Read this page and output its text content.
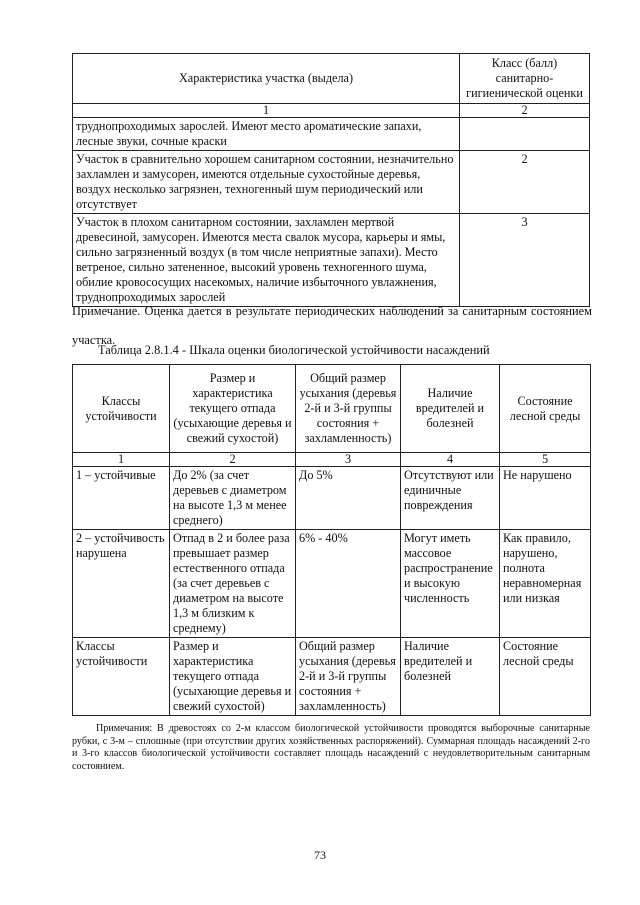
Характеристика участка (выдела)	Класс (балл) санитарно-гигиенической оценки
1	2
труднопроходимых зарослей. Имеют место ароматические запахи, лесные звуки, сочные краски	
Участок в сравнительно хорошем санитарном состоянии, незначительно захламлен и замусорен, имеются отдельные сухостойные деревья, воздух несколько загрязнен, техногенный шум периодический или отсутствует	2
Участок в плохом санитарном состоянии, захламлен мертвой древесиной, замусорен. Имеются места свалок мусора, карьеры и ямы, сильно загрязненный воздух (в том числе неприятные запахи). Место ветреное, сильно затененное, высокий уровень техногенного шума, обилие кровососущих насекомых, наличие избыточного увлажнения, труднопроходимых зарослей	3
Примечание. Оценка дается в результате периодических наблюдений за санитарным состоянием участка.
Таблица 2.8.1.4 - Шкала оценки биологической устойчивости насаждений
Классы устойчивости	Размер и характеристика текущего отпада (усыхающие деревья и свежий сухостой)	Общий размер усыхания (деревья 2-й и 3-й группы состояния + захламленность)	Наличие вредителей и болезней	Состояние лесной среды
1	2	3	4	5
1 – устойчивые	До 2% (за счет деревьев с диаметром на высоте 1,3 м менее среднего)	До 5%	Отсутствуют или единичные повреждения	Не нарушено
2 – устойчивость нарушена	Отпад в 2 и более раза превышает размер естественного отпада (за счет деревьев с диаметром на высоте 1,3 м близким к среднему)	6% - 40%	Могут иметь массовое распространение и высокую численность	Как правило, нарушено, полнота неравномерная или низкая
Классы устойчивости	Размер и характеристика текущего отпада (усыхающие деревья и свежий сухостой)	Общий размер усыхания (деревья 2-й и 3-й группы состояния + захламленность)	Наличие вредителей и болезней	Состояние лесной среды
Примечания: В древостоях со 2-м классом биологической устойчивости проводятся выборочные санитарные рубки, с 3-м – сплошные (при отсутствии других хозяйственных распоряжений). Суммарная площадь насаждений 2-го и 3-го классов биологической устойчивости составляет площадь насаждений с неудовлетворительным санитарным состоянием.
73
